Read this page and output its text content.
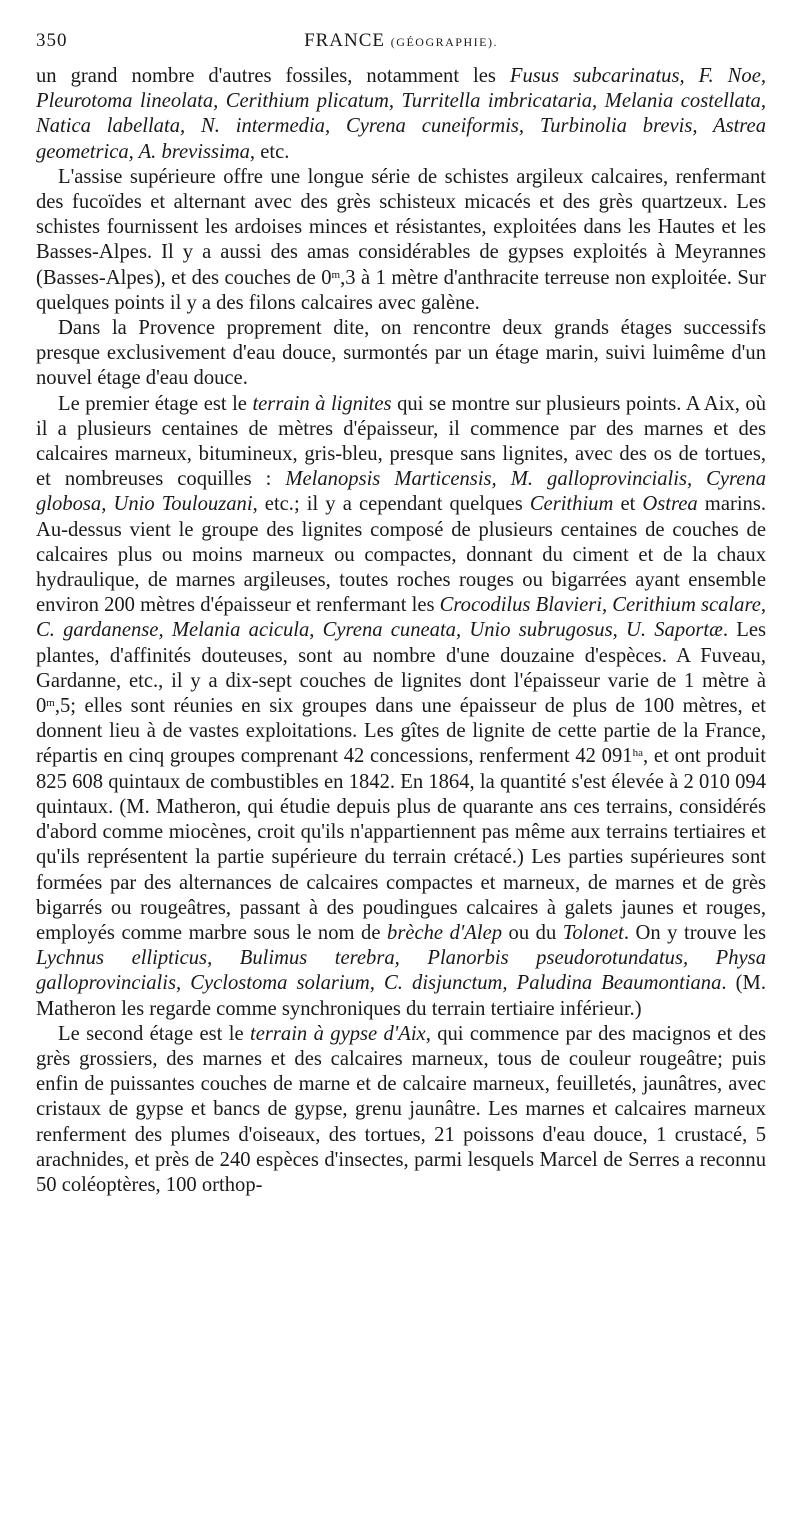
350	FRANCE (GÉOGRAPHIE).

un grand nombre d'autres fossiles, notamment les Fusus subcarinatus, F. Noe, Pleurotoma lineolata, Cerithium plicatum, Turritella imbricataria, Melania costellata, Natica labellata, N. intermedia, Cyrena cuneiformis, Turbinolia brevis, Astrea geometrica, A. brevissima, etc.

L'assise supérieure offre une longue série de schistes argileux calcaires, renfermant des fucoïdes et alternant avec des grès schisteux micacés et des grès quartzeux. Les schistes fournissent les ardoises minces et résistantes, exploitées dans les Hautes et les Basses-Alpes. Il y a aussi des amas considérables de gypses exploités à Meyrannes (Basses-Alpes), et des couches de 0$^m$,3 à 1 mètre d'anthracite terreuse non exploitée. Sur quelques points il y a des filons calcaires avec galène.

Dans la Provence proprement dite, on rencontre deux grands étages successifs presque exclusivement d'eau douce, surmontés par un étage marin, suivi luimême d'un nouvel étage d'eau douce.

Le premier étage est le terrain à lignites qui se montre sur plusieurs points. A Aix, où il a plusieurs centaines de mètres d'épaisseur, il commence par des marnes et des calcaires marneux, bitumineux, gris-bleu, presque sans lignites, avec des os de tortues, et nombreuses coquilles : Melanopsis Marticensis, M. galloprovincialis, Cyrena globosa, Unio Toulouzani, etc.; il y a cependant quelques Cerithium et Ostrea marins. Au-dessus vient le groupe des lignites composé de plusieurs centaines de couches de calcaires plus ou moins marneux ou compactes, donnant du ciment et de la chaux hydraulique, de marnes argileuses, toutes roches rouges ou bigarrées ayant ensemble environ 200 mètres d'épaisseur et renfermant les Crocodilus Blavieri, Cerithium scalare, C. gardanense, Melania acicula, Cyrena cuneata, Unio subrugosus, U. Saportæ. Les plantes, d'affinités douteuses, sont au nombre d'une douzaine d'espèces. A Fuveau, Gardanne, etc., il y a dix-sept couches de lignites dont l'épaisseur varie de 1 mètre à 0$^m$,5; elles sont réunies en six groupes dans une épaisseur de plus de 100 mètres, et donnent lieu à de vastes exploitations. Les gîtes de lignite de cette partie de la France, répartis en cinq groupes comprenant 42 concessions, renferment 42 $091^{ha}$, et ont produit 825 608 quintaux de combustibles en 1842. En 1864, la quantité s'est élevée à 2 010 094 quintaux. (M. Matheron, qui étudie depuis plus de quarante ans ces terrains, considérés d'abord comme miocènes, croit qu'ils n'appartiennent pas même aux terrains tertiaires et qu'ils représentent la partie supérieure du terrain crétacé.) Les parties supérieures sont formées par des alternances de calcaires compactes et marneux, de marnes et de grès bigarrés ou rougeâtres, passant à des poudingues calcaires à galets jaunes et rouges, employés comme marbre sous le nom de brèche d'Alep ou du Tolonet. On y trouve les Lychnus ellipticus, Bulimus terebra, Planorbis pseudorotundatus, Physa galloprovincialis, Cyclostoma solarium, C. disjunctum, Paludina Beaumontiana. (M. Matheron les regarde comme synchroniques du terrain tertiaire inférieur.)

Le second étage est le terrain à gypse d'Aix, qui commence par des macignos et des grès grossiers, des marnes et des calcaires marneux, tous de couleur rougeâtre; puis enfin de puissantes couches de marne et de calcaire marneux, feuilletés, jaunâtres, avec cristaux de gypse et bancs de gypse, grenu jaunâtre. Les marnes et calcaires marneux renferment des plumes d'oiseaux, des tortues, 21 poissons d'eau douce, 1 crustacé, 5 arachnides, et près de 240 espèces d'insectes, parmi lesquels Marcel de Serres a reconnu 50 coléoptères, 100 orthop-
